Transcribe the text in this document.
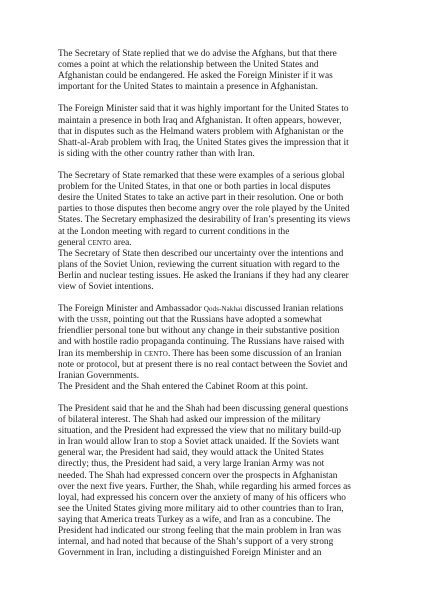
The Secretary of State replied that we do advise the Afghans, but that there
comes a point at which the relationship between the United States and
Afghanistan could be endangered. He asked the Foreign Minister if it was
important for the United States to maintain a presence in Afghanistan.

The Foreign Minister said that it was highly important for the United States to
maintain a presence in both Iraq and Afghanistan. It often appears, however,
that in disputes such as the Helmand waters problem with Afghanistan or the
Shatt-al-Arab problem with Iraq, the United States gives the impression that it
is siding with the other country rather than with Iran.

The Secretary of State remarked that these were examples of a serious global
problem for the United States, in that one or both parties in local disputes
desire the United States to take an active part in their resolution. One or both
parties to those disputes then become angry over the role played by the United
States. The Secretary emphasized the desirability of Iran’s presenting its views
at the London meeting with regard to current conditions in the
general CENTO area.

The Secretary of State then described our uncertainty over the intentions and
plans of the Soviet Union, reviewing the current situation with regard to the
Berlin and nuclear testing issues. He asked the Iranians if they had any clearer
view of Soviet intentions.

The Foreign Minister and Ambassador Qods-Nakhai discussed Iranian relations
with the USSR, pointing out that the Russians have adopted a somewhat
friendlier personal tone but without any change in their substantive position
and with hostile radio propaganda continuing. The Russians have raised with
Iran its membership in CENTO. There has been some discussion of an Iranian
note or protocol, but at present there is no real contact between the Soviet and
Iranian Governments.

The President and the Shah entered the Cabinet Room at this point.

The President said that he and the Shah had been discussing general questions
of bilateral interest. The Shah had asked our impression of the military
situation, and the President had expressed the view that no military build-up
in Iran would allow Iran to stop a Soviet attack unaided. If the Soviets want
general war, the President had said, they would attack the United States
directly; thus, the President had said, a very large Iranian Army was not
needed. The Shah had expressed concern over the prospects in Afghanistan
over the next five years. Further, the Shah, while regarding his armed forces as
loyal, had expressed his concern over the anxiety of many of his officers who
see the United States giving more military aid to other countries than to Iran,
saying that America treats Turkey as a wife, and Iran as a concubine. The
President had indicated our strong feeling that the main problem in Iran was
internal, and had noted that because of the Shah’s support of a very strong
Government in Iran, including a distinguished Foreign Minister and an
